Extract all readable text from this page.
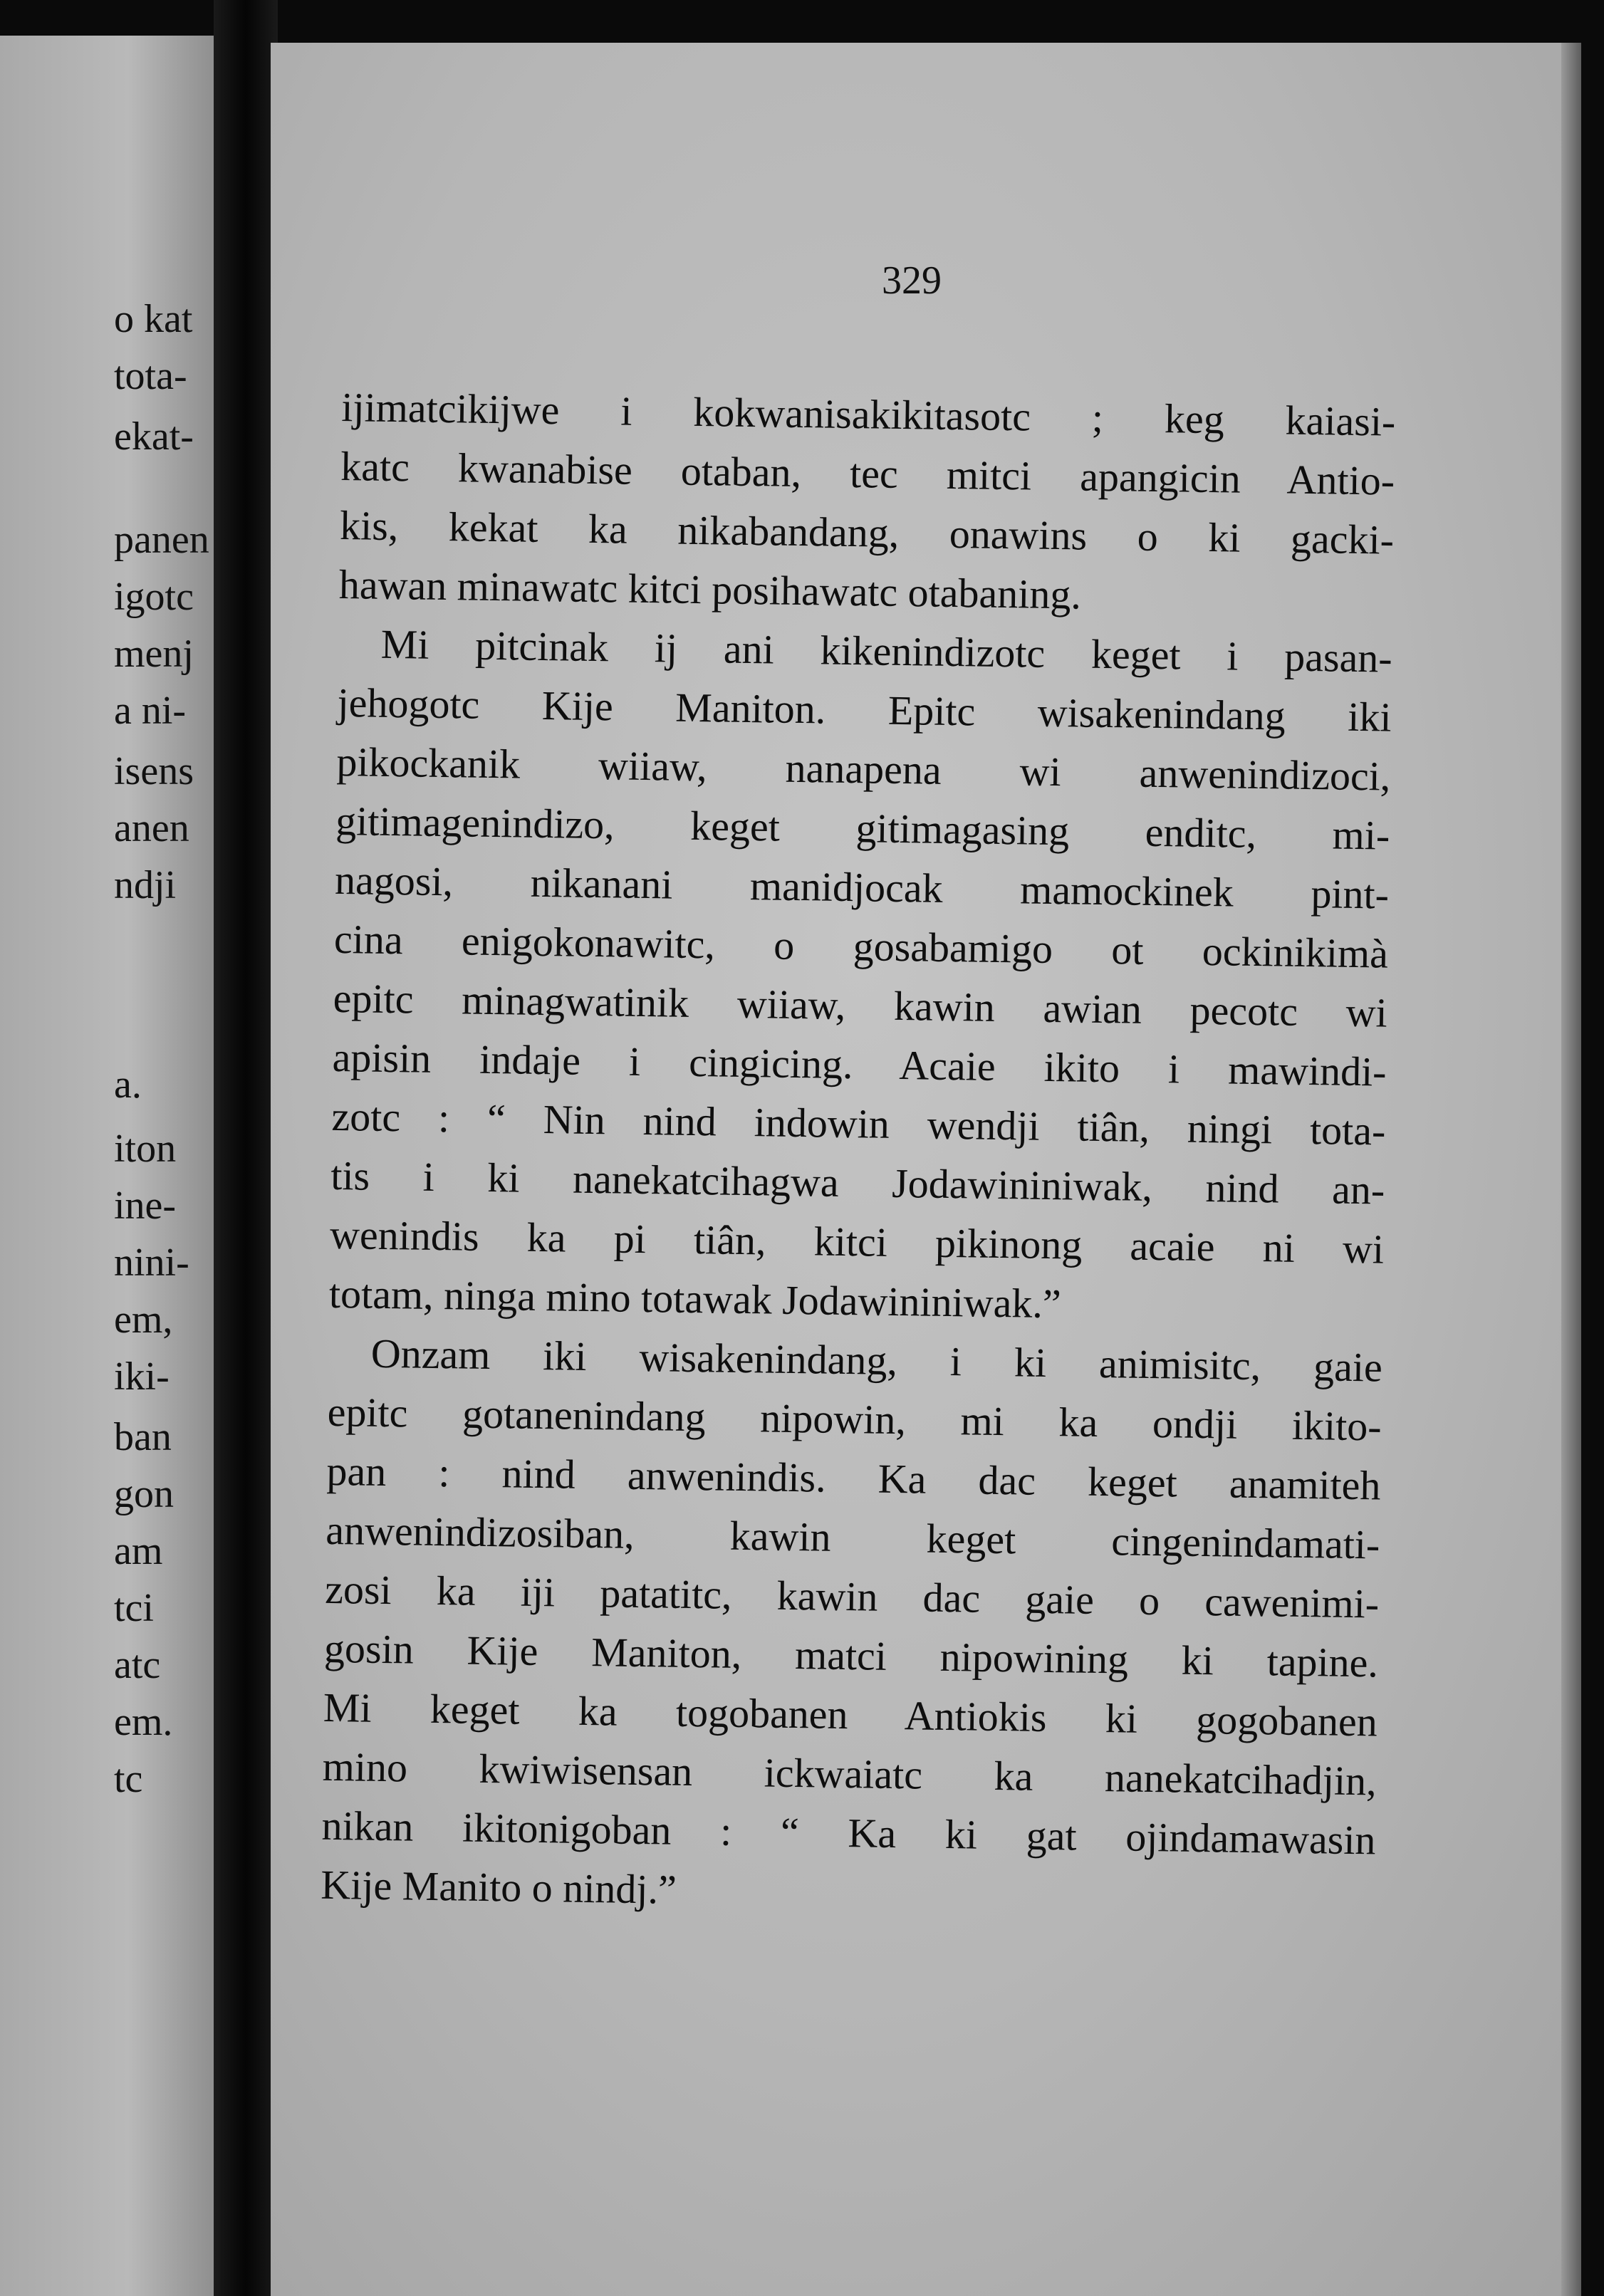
o kat
tota-
ekat-
panen
igotc
menj
a ni-
isens
anen
ndji
a.
iton
ine-
nini-
em,
iki-
ban
gon
am
tci
atc
em.
tc
329
ijimatcikijwe i kokwanisakikitasotc ; keg kaiasi-
katc kwanabise otaban, tec mitci apangicin Antio-
kis, kekat ka nikabandang, onawins o ki gacki-
hawan minawatc kitci posihawatc otabaning.
Mi pitcinak ij ani kikenindizotc keget i pasan-
jehogotc Kije Maniton. Epitc wisakenindang iki
pikockanik wiiaw, nanapena wi anwenindizoci,
gitimagenindizo, keget gitimagasing enditc, mi-
nagosi, nikanani manidjocak mamockinek pint-
cina enigokonawitc, o gosabamigo ot ockinikimà
epitc minagwatinik wiiaw, kawin awian pecotc wi
apisin indaje i cingicing. Acaie ikito i mawindi-
zotc : “ Nin nind indowin wendji tiân, ningi tota-
tis i ki nanekatcihagwa Jodawininiwak, nind an-
wenindis ka pi tiân, kitci pikinong acaie ni wi
totam, ninga mino totawak Jodawininiwak.”
Onzam iki wisakenindang, i ki animisitc, gaie
epitc gotanenindang nipowin, mi ka ondji ikito-
pan : nind anwenindis. Ka dac keget anamiteh
anwenindizosiban, kawin keget cingenindamati-
zosi ka iji patatitc, kawin dac gaie o cawenimi-
gosin Kije Maniton, matci nipowining ki tapine.
Mi keget ka togobanen Antiokis ki gogobanen
mino kwiwisensan ickwaiatc ka nanekatcihadjin,
nikan ikitonigoban : “ Ka ki gat ojindamawasin
Kije Manito o nindj.”
